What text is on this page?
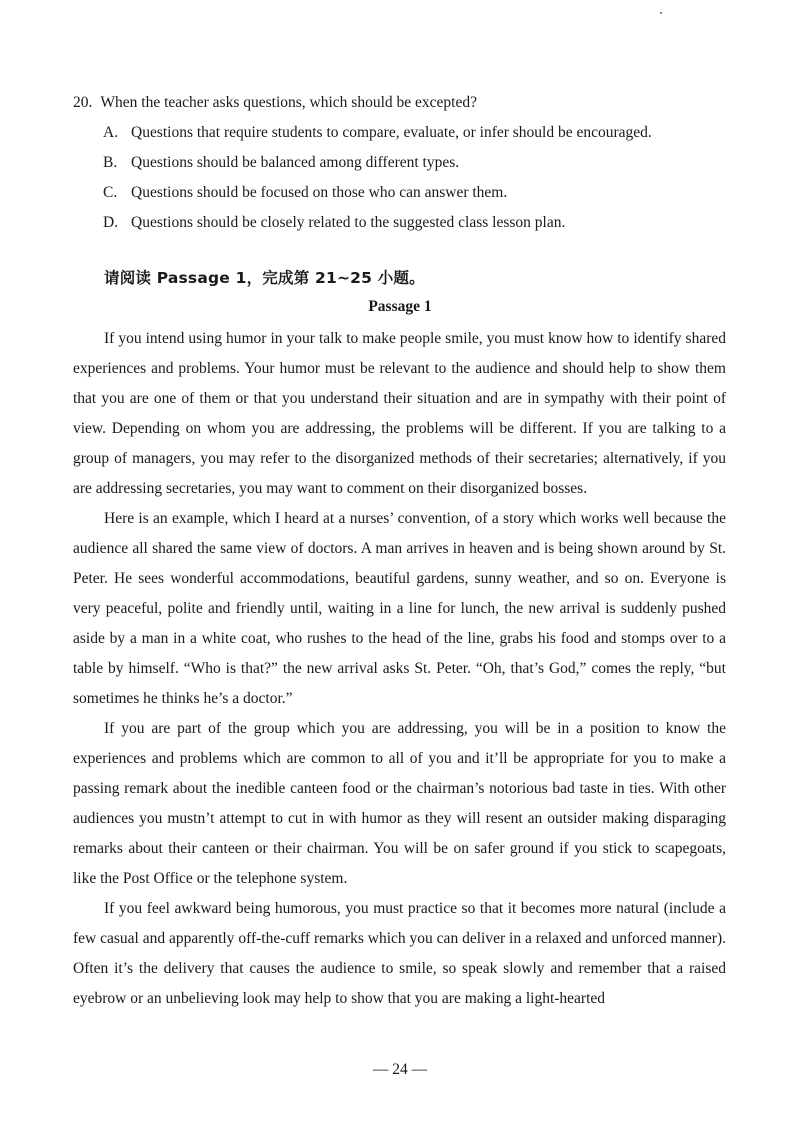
20. When the teacher asks questions, which should be excepted?
A. Questions that require students to compare, evaluate, or infer should be encouraged.
B. Questions should be balanced among different types.
C. Questions should be focused on those who can answer them.
D. Questions should be closely related to the suggested class lesson plan.
请阅读 Passage 1，完成第 21~25 小题。
Passage 1

If you intend using humor in your talk to make people smile, you must know how to identify shared experiences and problems. Your humor must be relevant to the audience and should help to show them that you are one of them or that you understand their situation and are in sympathy with their point of view. Depending on whom you are addressing, the problems will be different. If you are talking to a group of managers, you may refer to the disorganized methods of their secretaries; alternatively, if you are addressing secretaries, you may want to comment on their disorganized bosses.

Here is an example, which I heard at a nurses’ convention, of a story which works well because the audience all shared the same view of doctors. A man arrives in heaven and is being shown around by St. Peter. He sees wonderful accommodations, beautiful gardens, sunny weather, and so on. Everyone is very peaceful, polite and friendly until, waiting in a line for lunch, the new arrival is suddenly pushed aside by a man in a white coat, who rushes to the head of the line, grabs his food and stomps over to a table by himself. “Who is that?” the new arrival asks St. Peter. “Oh, that’s God,” comes the reply, “but sometimes he thinks he’s a doctor.”

If you are part of the group which you are addressing, you will be in a position to know the experiences and problems which are common to all of you and it’ll be appropriate for you to make a passing remark about the inedible canteen food or the chairman’s notorious bad taste in ties. With other audiences you mustn’t attempt to cut in with humor as they will resent an outsider making disparaging remarks about their canteen or their chairman. You will be on safer ground if you stick to scapegoats, like the Post Office or the telephone system.

If you feel awkward being humorous, you must practice so that it becomes more natural (include a few casual and apparently off-the-cuff remarks which you can deliver in a relaxed and unforced manner). Often it’s the delivery that causes the audience to smile, so speak slowly and remember that a raised eyebrow or an unbelieving look may help to show that you are making a light-hearted

— 24 —
